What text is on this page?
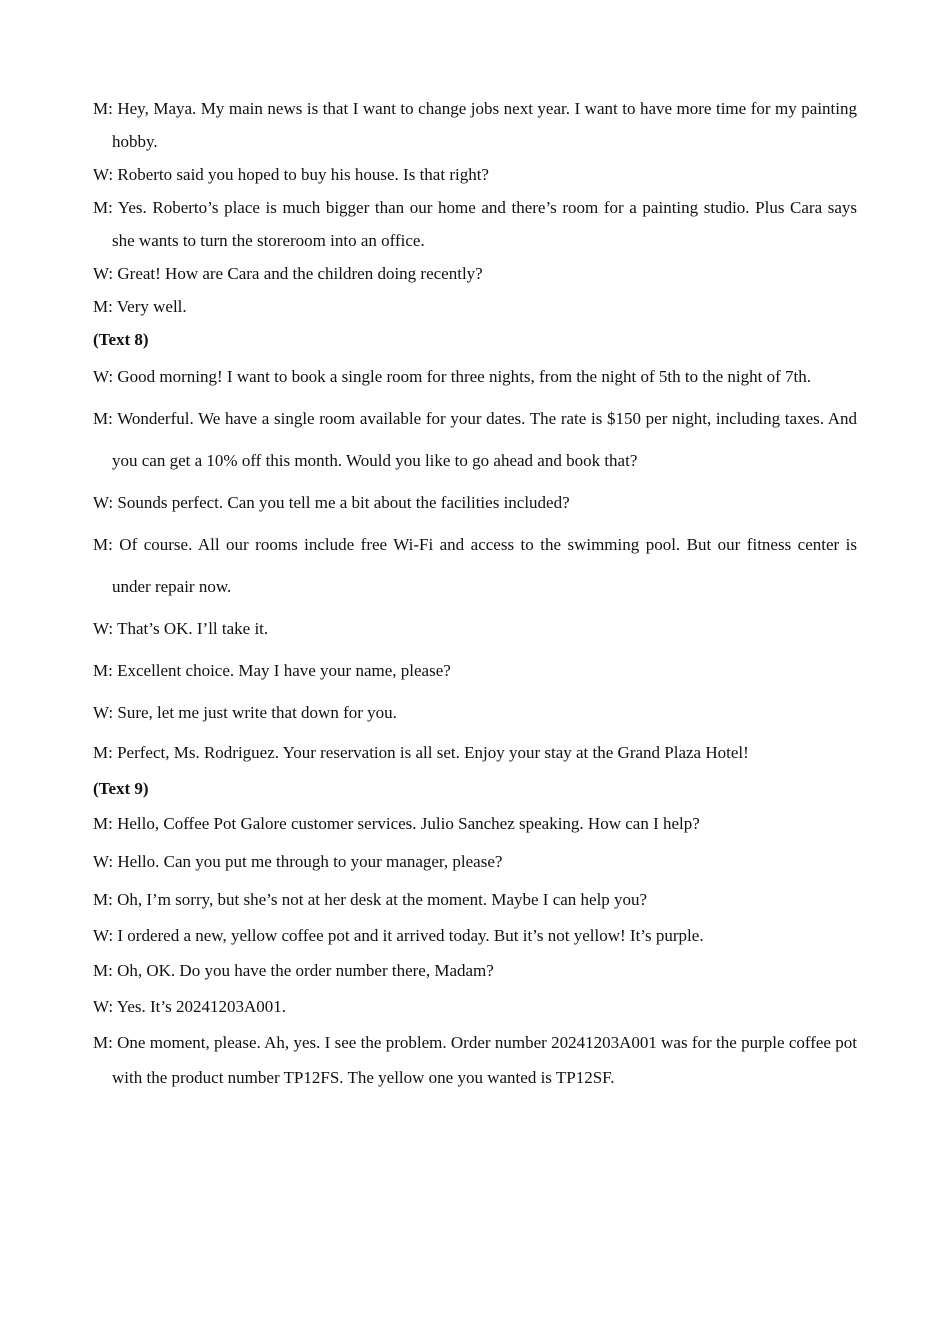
M: Hey, Maya. My main news is that I want to change jobs next year. I want to have more time for my painting hobby.
W: Roberto said you hoped to buy his house. Is that right?
M: Yes. Roberto’s place is much bigger than our home and there’s room for a painting studio. Plus Cara says she wants to turn the storeroom into an office.
W: Great! How are Cara and the children doing recently?
M: Very well.
(Text 8)
W: Good morning! I want to book a single room for three nights, from the night of 5th to the night of 7th.
M: Wonderful. We have a single room available for your dates. The rate is $150 per night, including taxes. And you can get a 10% off this month. Would you like to go ahead and book that?
W: Sounds perfect. Can you tell me a bit about the facilities included?
M: Of course. All our rooms include free Wi-Fi and access to the swimming pool. But our fitness center is under repair now.
W: That’s OK. I’ll take it.
M: Excellent choice. May I have your name, please?
W: Sure, let me just write that down for you.
M: Perfect, Ms. Rodriguez. Your reservation is all set. Enjoy your stay at the Grand Plaza Hotel!
(Text 9)
M: Hello, Coffee Pot Galore customer services. Julio Sanchez speaking. How can I help?
W: Hello. Can you put me through to your manager, please?
M: Oh, I’m sorry, but she’s not at her desk at the moment. Maybe I can help you?
W: I ordered a new, yellow coffee pot and it arrived today. But it’s not yellow! It’s purple.
M: Oh, OK. Do you have the order number there, Madam?
W: Yes. It’s 20241203A001.
M: One moment, please. Ah, yes. I see the problem. Order number 20241203A001 was for the purple coffee pot with the product number TP12FS. The yellow one you wanted is TP12SF.
